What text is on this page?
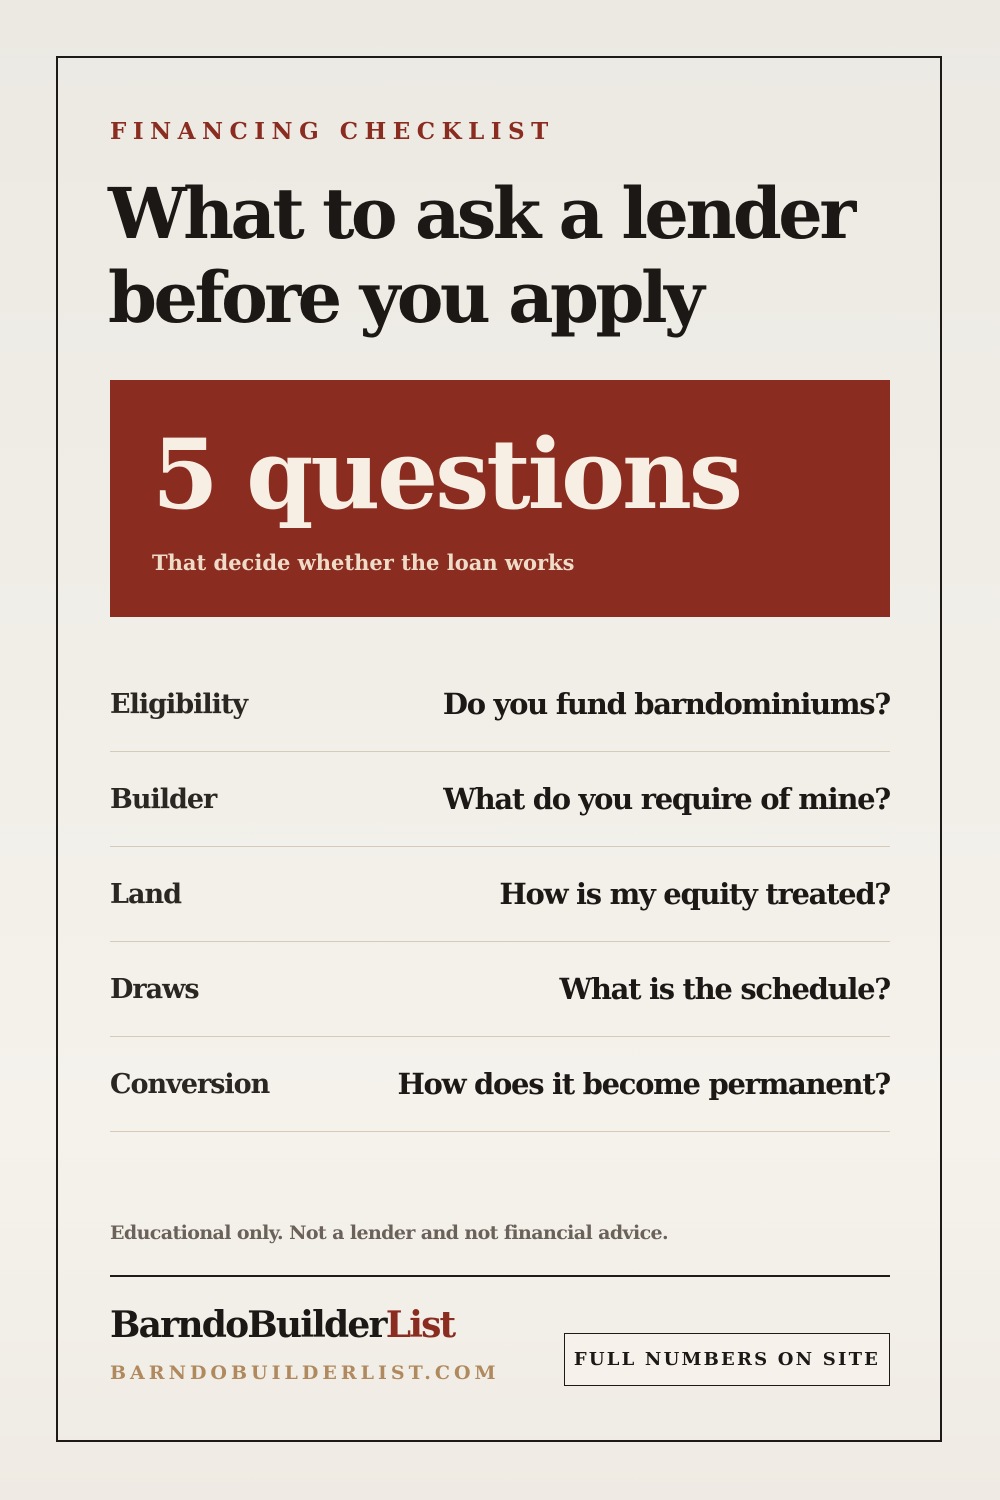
FINANCING CHECKLIST
What to ask a lender
before you apply
5 questions
That decide whether the loan works
Eligibility	Do you fund barndominiums?
Builder	What do you require of mine?
Land	How is my equity treated?
Draws	What is the schedule?
Conversion	How does it become permanent?
Educational only. Not a lender and not financial advice.
BarndoBuilderList
BARNDOBUILDERLIST.COM
FULL NUMBERS ON SITE
